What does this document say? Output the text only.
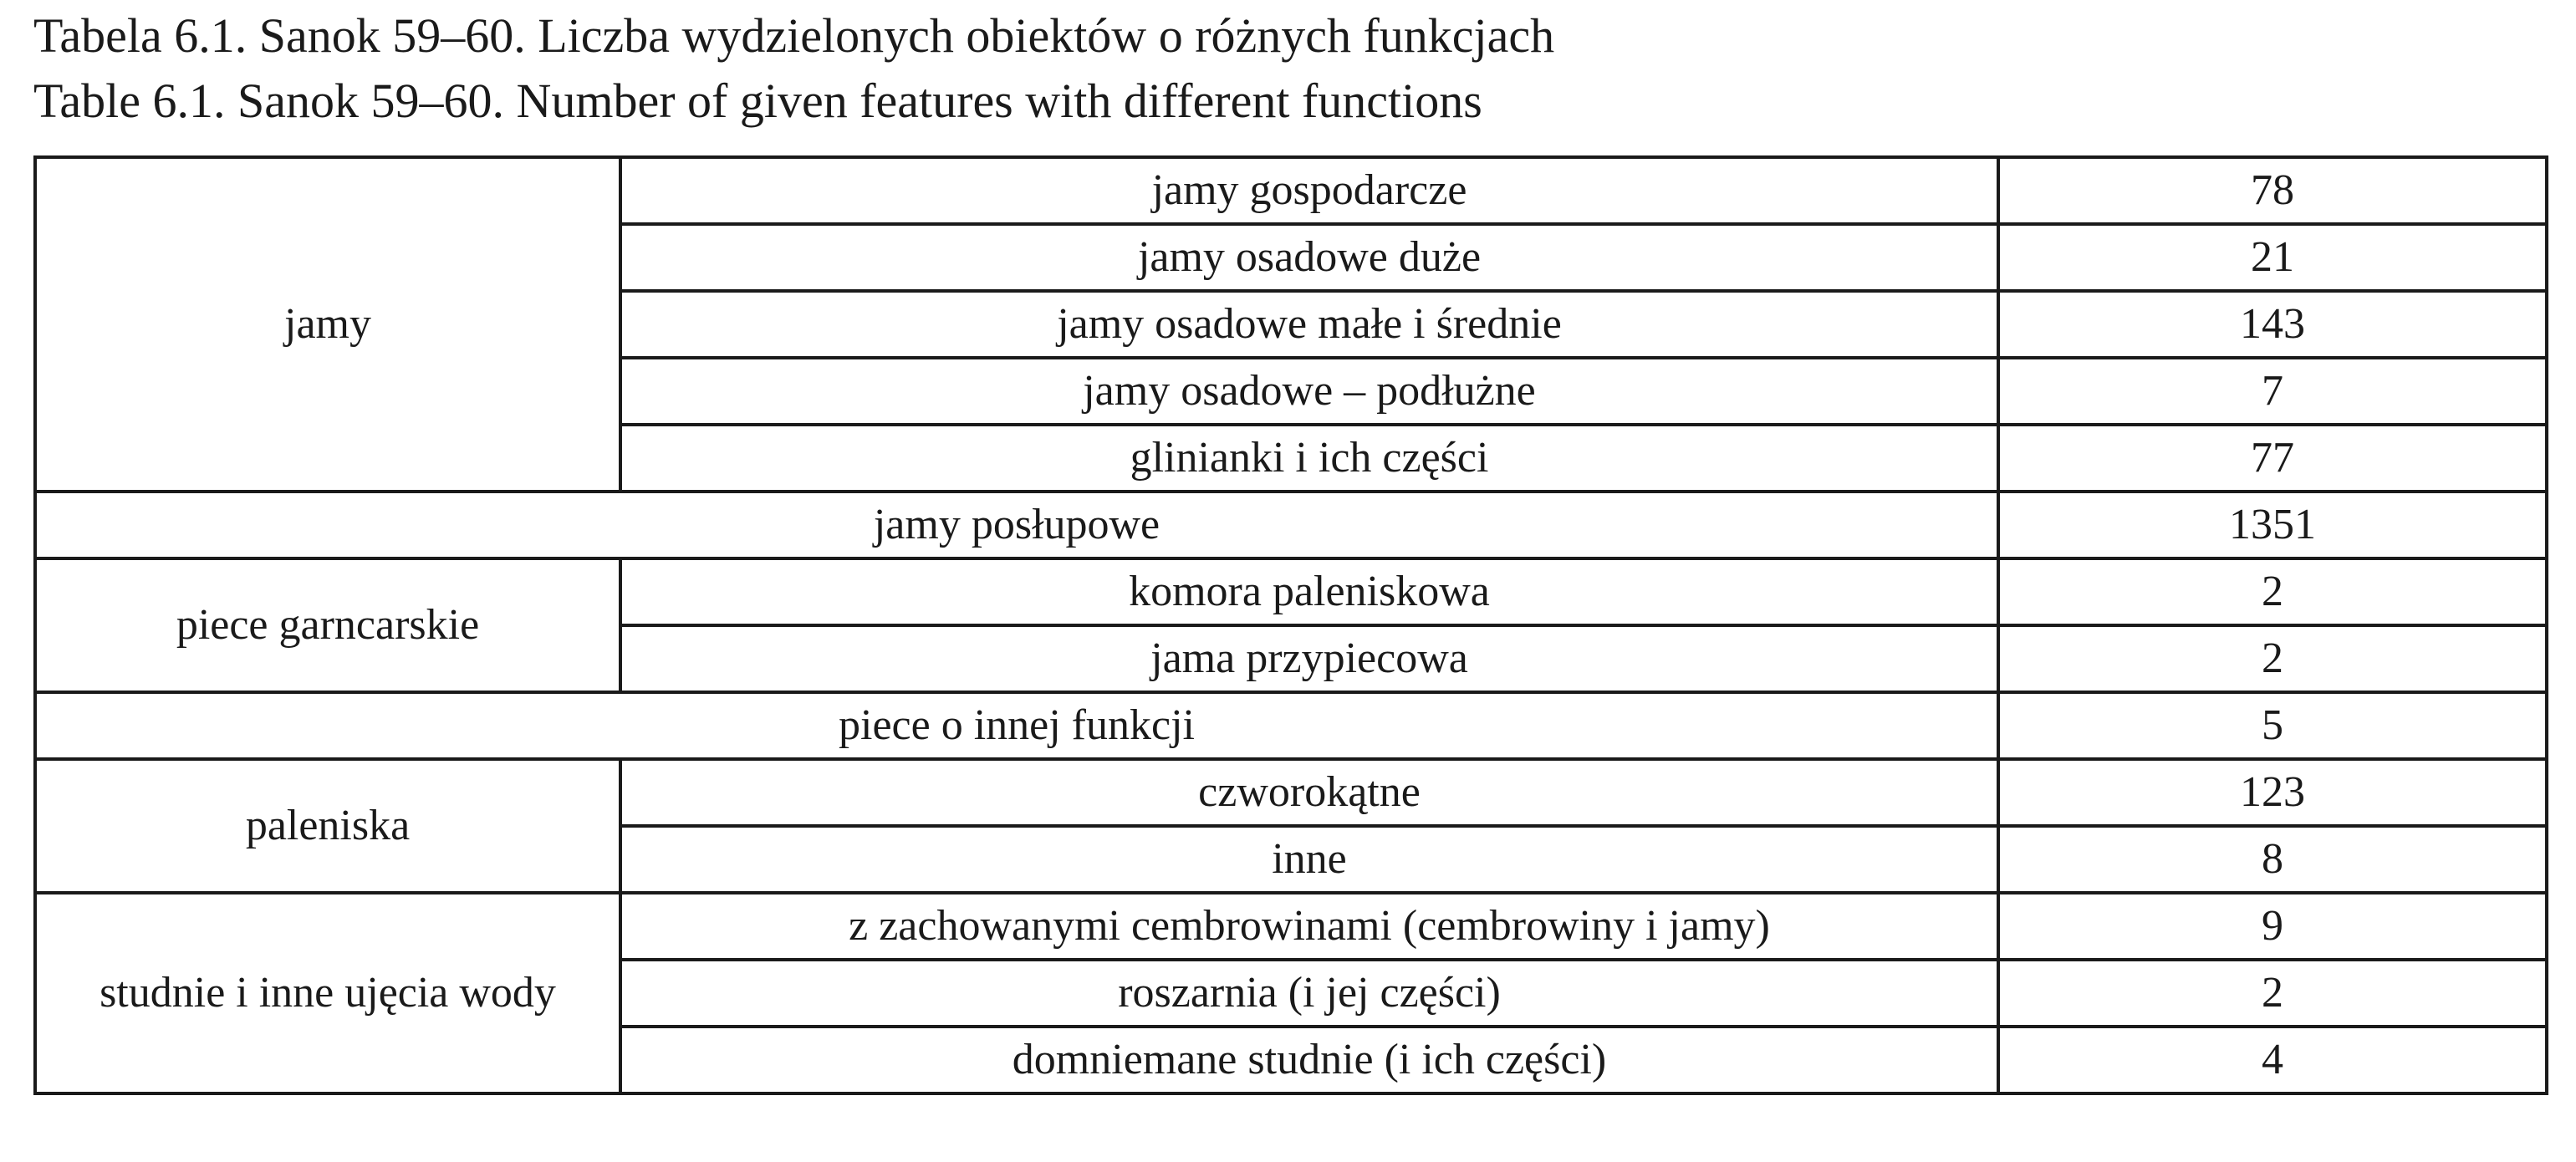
Tabela 6.1. Sanok 59–60. Liczba wydzielonych obiektów o różnych funkcjach
Table 6.1. Sanok 59–60. Number of given features with different functions
jamy	jamy gospodarcze	78
	jamy osadowe duże	21
	jamy osadowe małe i średnie	143
	jamy osadowe – podłużne	7
	glinianki i ich części	77
jamy posłupowe		1351
piece garncarskie	komora paleniskowa	2
	jama przypiecowa	2
piece o innej funkcji		5
paleniska	czworokątne	123
	inne	8
studnie i inne ujęcia wody	z zachowanymi cembrowinami (cembrowiny i jamy)	9
	roszarnia (i jej części)	2
	domniemane studnie (i ich części)	4
